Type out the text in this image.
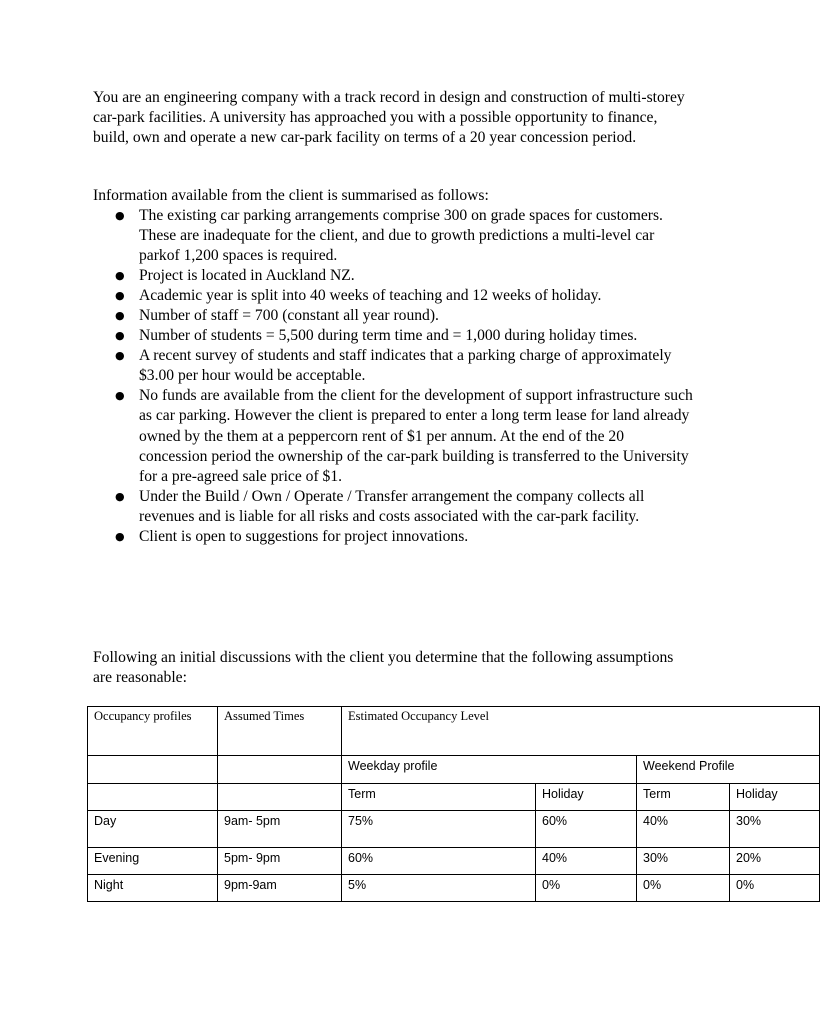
You are an engineering company with a track record in design and construction of multi-storey car-park facilities. A university has approached you with a possible opportunity to finance, build, own and operate a new car-park facility on terms of a 20 year concession period.

Information available from the client is summarised as follows:

● The existing car parking arrangements comprise 300 on grade spaces for customers. These are inadequate for the client, and due to growth predictions a multi-level car parkof 1,200 spaces is required.
● Project is located in Auckland NZ.
● Academic year is split into 40 weeks of teaching and 12 weeks of holiday.
● Number of staff = 700 (constant all year round).
● Number of students = 5,500 during term time and = 1,000 during holiday times.
● A recent survey of students and staff indicates that a parking charge of approximately $3.00 per hour would be acceptable.
● No funds are available from the client for the development of support infrastructure such as car parking. However the client is prepared to enter a long term lease for land already owned by the them at a peppercorn rent of $1 per annum. At the end of the 20 concession period the ownership of the car-park building is transferred to the University for a pre-agreed sale price of $1.
● Under the Build / Own / Operate / Transfer arrangement the company collects all revenues and is liable for all risks and costs associated with the car-park facility.
● Client is open to suggestions for project innovations.

Following an initial discussions with the client you determine that the following assumptions are reasonable:

Occupancy profiles	Assumed Times	Estimated Occupancy Level			
		Weekday profile		Weekend Profile	
		Term	Holiday	Term	Holiday
Day	9am- 5pm	75%	60%	40%	30%
Evening	5pm- 9pm	60%	40%	30%	20%
Night	9pm-9am	5%	0%	0%	0%
